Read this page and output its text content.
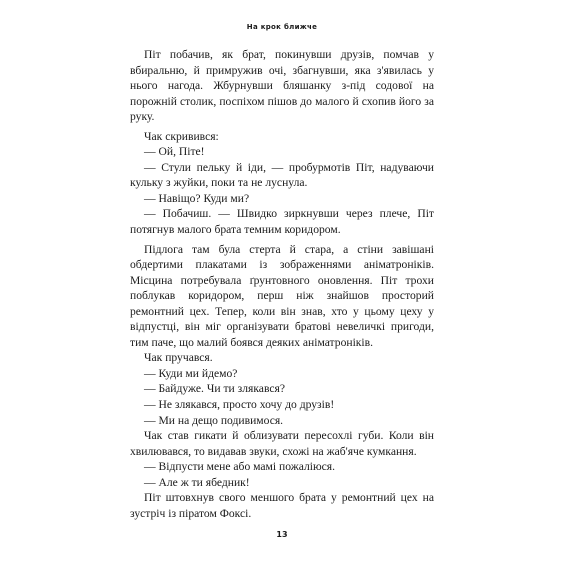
На крок ближче

Піт побачив, як брат, покинувши друзів, помчав у вбиральню, й примружив очі, збагнувши, яка з'явилась у нього нагода. Жбурнувши бляшанку з-під содової на порожній столик, поспіхом пішов до малого й схопив його за руку.

Чак скривився:

— Ой, Піте!

— Стули пельку й іди, — пробурмотів Піт, надуваючи кульку з жуйки, поки та не луснула.

— Навіщо? Куди ми?

— Побачиш. — Швидко зиркнувши через плече, Піт потягнув малого брата темним коридором.

Підлога там була стерта й стара, а стіни завішані обдертими плакатами із зображеннями аніматроніків. Місцина потребувала ґрунтовного оновлення. Піт трохи поблукав коридором, перш ніж знайшов просторий ремонтний цех. Тепер, коли він знав, хто у цьому цеху у відпустці, він міг організувати братові невеличкі пригоди, тим паче, що малий боявся деяких аніматроніків.

Чак пручався.

— Куди ми йдемо?

— Байдуже. Чи ти злякався?

— Не злякався, просто хочу до друзів!

— Ми на дещо подивимося.

Чак став гикати й облизувати пересохлі губи. Коли він хвилювався, то видавав звуки, схожі на жаб'яче кумкання.

— Відпусти мене або мамі пожаліюся.

— Але ж ти ябедник!

Піт штовхнув свого меншого брата у ремонтний цех на зустріч із піратом Фоксі.

13
